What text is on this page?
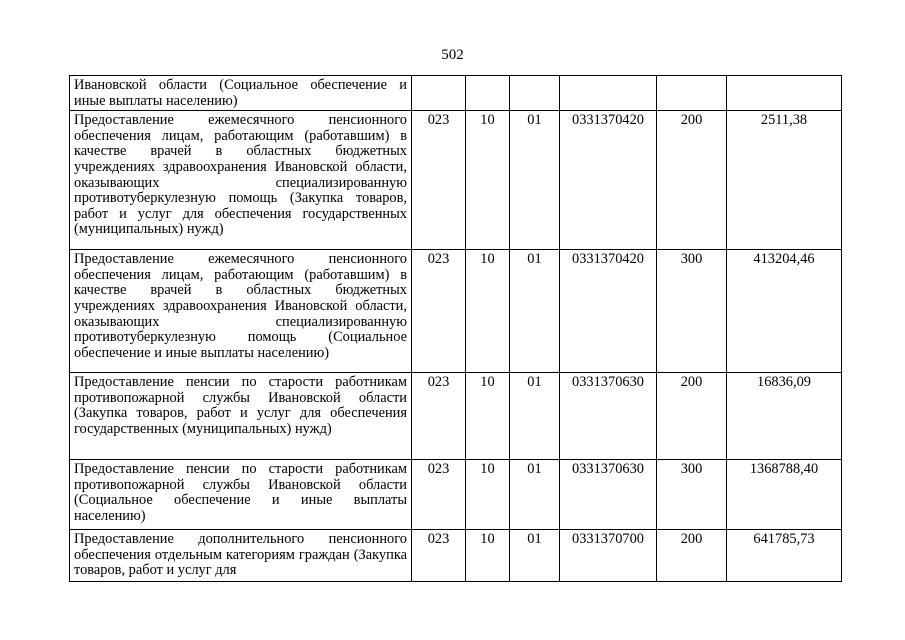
502
Ивановской области (Социальное обеспечение и иные выплаты населению)						
Предоставление ежемесячного пенсионного обеспечения лицам, работающим (работавшим) в качестве врачей в областных бюджетных учреждениях здравоохранения Ивановской области, оказывающих специализированную противотуберкулезную помощь (Закупка товаров, работ и услуг для обеспечения государственных (муниципальных) нужд)	023	10	01	0331370420	200	2511,38
Предоставление ежемесячного пенсионного обеспечения лицам, работающим (работавшим) в качестве врачей в областных бюджетных учреждениях здравоохранения Ивановской области, оказывающих специализированную противотуберкулезную помощь (Социальное обеспечение и иные выплаты населению)	023	10	01	0331370420	300	413204,46
Предоставление пенсии по старости работникам противопожарной службы Ивановской области (Закупка товаров, работ и услуг для обеспечения государственных (муниципальных) нужд)	023	10	01	0331370630	200	16836,09
Предоставление пенсии по старости работникам противопожарной службы Ивановской области (Социальное обеспечение и иные выплаты населению)	023	10	01	0331370630	300	1368788,40
Предоставление дополнительного пенсионного обеспечения отдельным категориям граждан (Закупка товаров, работ и услуг для	023	10	01	0331370700	200	641785,73
